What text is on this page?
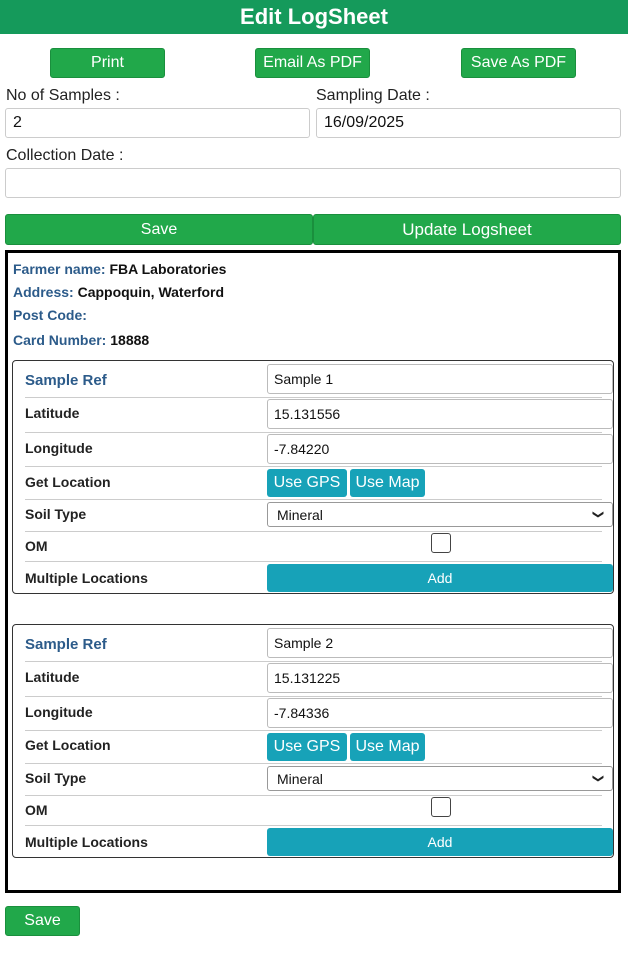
Edit LogSheet
Print	Email As PDF	Save As PDF
No of Samples :
2
Sampling Date :
16/09/2025
Collection Date :
Save	Update Logsheet
Farmer name: FBA Laboratories
Address: Cappoquin, Waterford
Post Code:
Card Number: 18888
Sample Ref	Sample 1
Latitude	15.131556
Longitude	-7.84220
Get Location	Use GPS Use Map
Soil Type	Mineral	❯
OM
Multiple Locations	Add
Sample Ref	Sample 2
Latitude	15.131225
Longitude	-7.84336
Get Location	Use GPS Use Map
Soil Type	Mineral	❯
OM
Multiple Locations	Add
Save
